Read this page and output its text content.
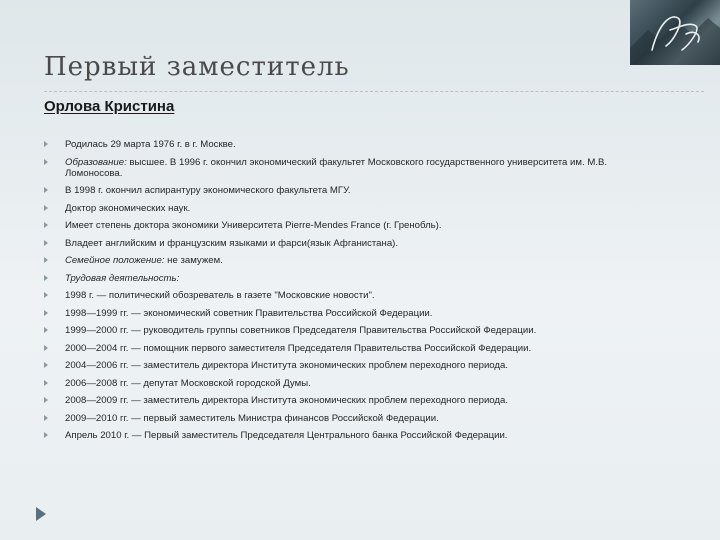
Первый заместитель
Орлова Кристина
Родилась 29 марта 1976 г. в г. Москве.
Образование: высшее. В 1996 г. окончил экономический факультет Московского государственного университета им. М.В. Ломоносова.
В 1998 г. окончил аспирантуру экономического факультета МГУ.
Доктор экономических наук.
Имеет степень доктора экономики Университета Pierre-Mendes France (г. Гренобль).
Владеет английским и французским языками и фарси(язык Афганистана).
Семейное положение: не замужем.
Трудовая деятельность:
1998 г. — политический обозреватель в газете "Московские новости".
1998—1999 гг. — экономический советник Правительства Российской Федерации.
1999—2000 гг. — руководитель группы советников Председателя Правительства Российской Федерации.
2000—2004 гг. — помощник первого заместителя Председателя Правительства Российской Федерации.
2004—2006 гг. — заместитель директора Института экономических проблем переходного периода.
2006—2008 гг. — депутат Московской городской Думы.
2008—2009 гг. — заместитель директора Института экономических проблем переходного периода.
2009—2010 гг. — первый заместитель Министра финансов Российской Федерации.
Апрель 2010 г. — Первый заместитель Председателя Центрального банка Российской Федерации.
